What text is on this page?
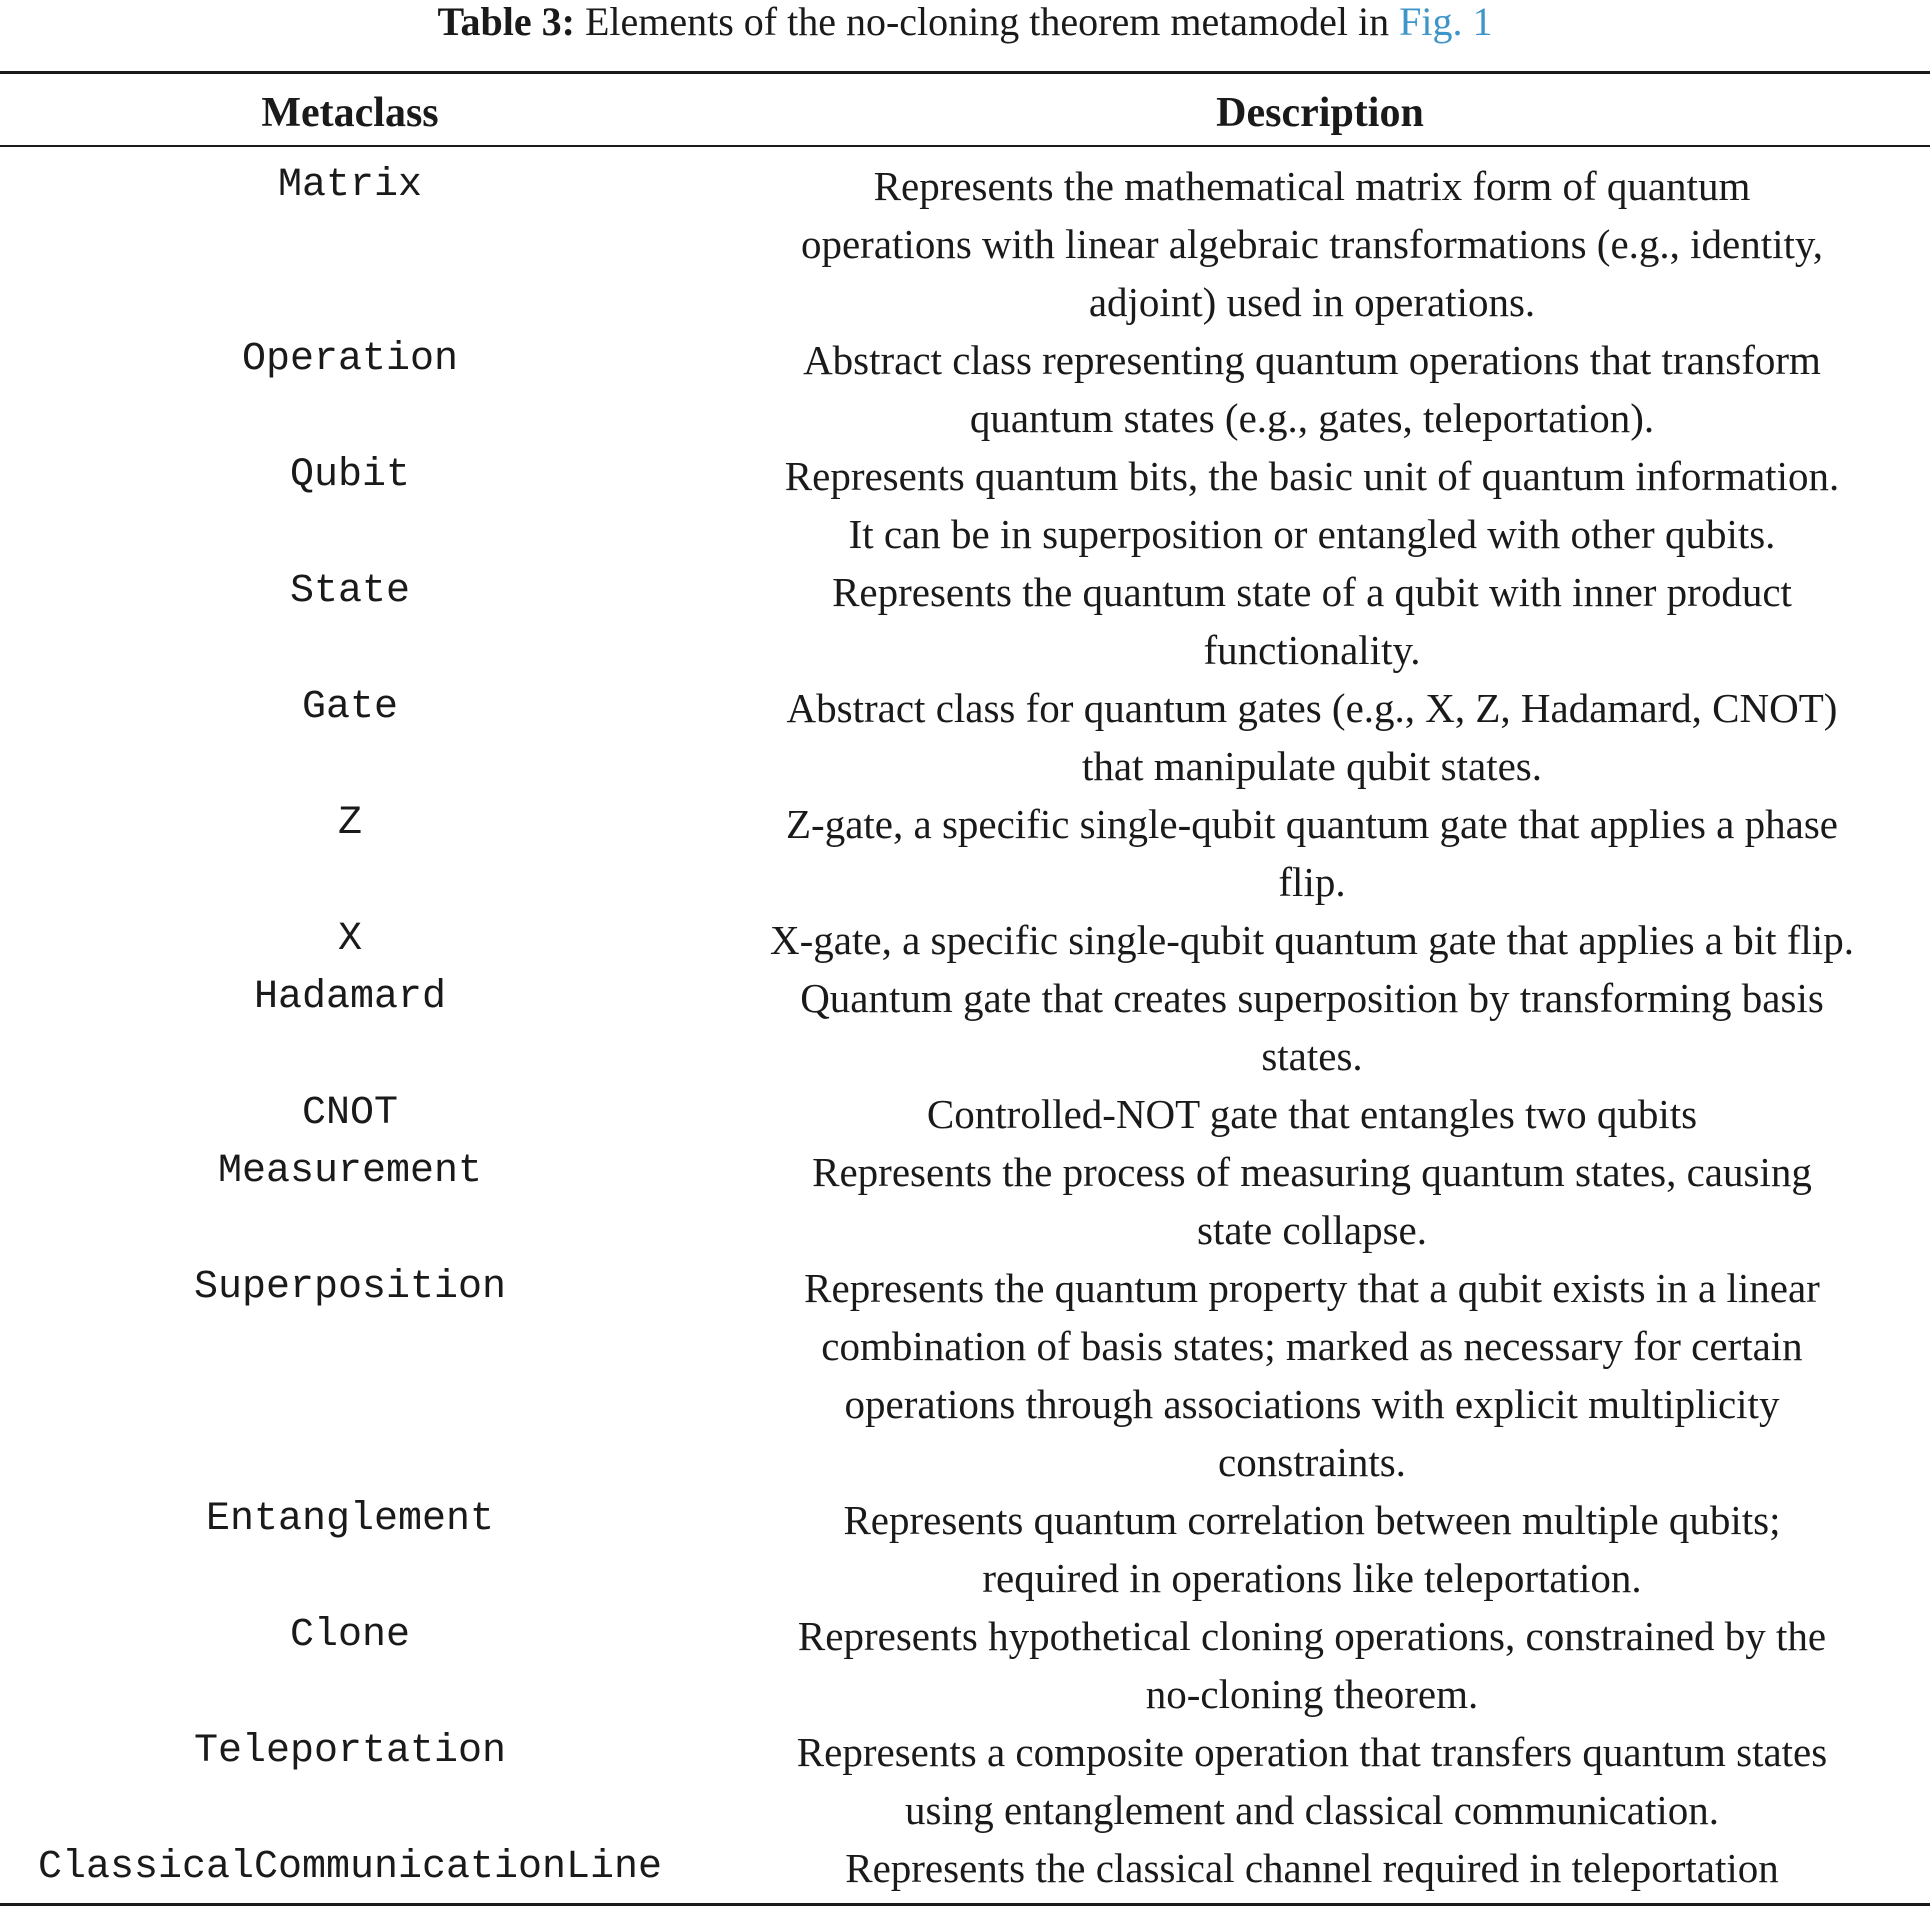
Table 3: Elements of the no-cloning theorem metamodel in Fig. 1
Metaclass	Description
Matrix	Represents the mathematical matrix form of quantum
operations with linear algebraic transformations (e.g., identity,
adjoint) used in operations.
Operation	Abstract class representing quantum operations that transform
quantum states (e.g., gates, teleportation).
Qubit	Represents quantum bits, the basic unit of quantum information.
It can be in superposition or entangled with other qubits.
State	Represents the quantum state of a qubit with inner product
functionality.
Gate	Abstract class for quantum gates (e.g., X, Z, Hadamard, CNOT)
that manipulate qubit states.
Z	Z-gate, a specific single-qubit quantum gate that applies a phase
flip.
X	X-gate, a specific single-qubit quantum gate that applies a bit flip.
Hadamard	Quantum gate that creates superposition by transforming basis
states.
CNOT	Controlled-NOT gate that entangles two qubits
Measurement	Represents the process of measuring quantum states, causing
state collapse.
Superposition	Represents the quantum property that a qubit exists in a linear
combination of basis states; marked as necessary for certain
operations through associations with explicit multiplicity
constraints.
Entanglement	Represents quantum correlation between multiple qubits;
required in operations like teleportation.
Clone	Represents hypothetical cloning operations, constrained by the
no-cloning theorem.
Teleportation	Represents a composite operation that transfers quantum states
using entanglement and classical communication.
ClassicalCommunicationLine	Represents the classical channel required in teleportation
